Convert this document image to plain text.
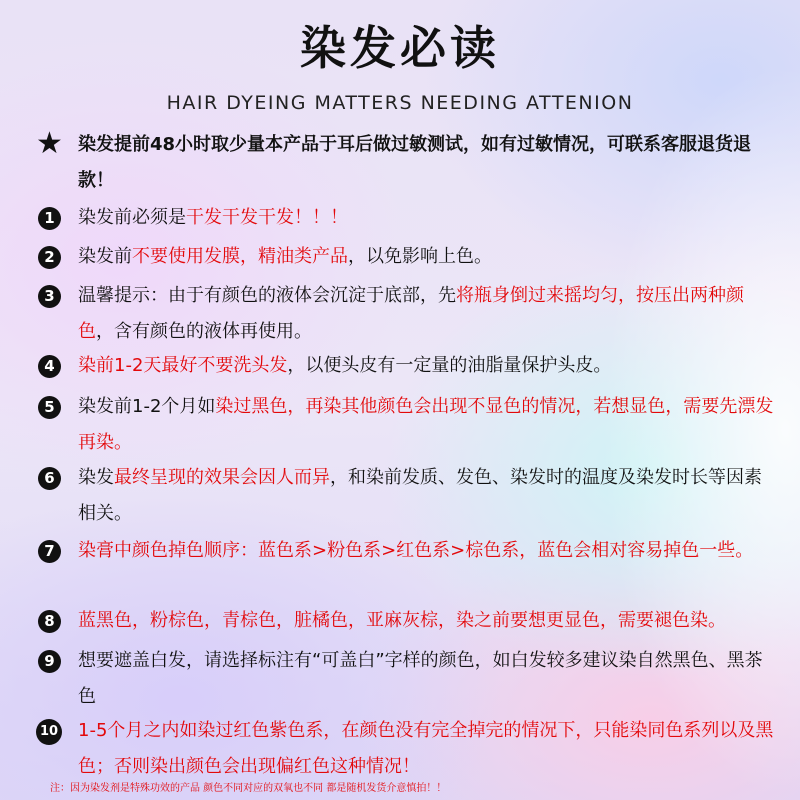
染发必读
HAIR DYEING MATTERS NEEDING ATTENION
★ 染发提前48小时取少量本产品于耳后做过敏测试，如有过敏情况，可联系客服退货退款！
1	染发前必须是干发干发干发！！！
2	染发前不要使用发膜，精油类产品，以免影响上色。
3	温馨提示：由于有颜色的液体会沉淀于底部，先将瓶身倒过来摇均匀，按压出两种颜色，含有颜色的液体再使用。
4	染前1-2天最好不要洗头发，以便头皮有一定量的油脂量保护头皮。
5	染发前1-2个月如染过黑色，再染其他颜色会出现不显色的情况，若想显色，需要先漂发再染。
6	染发最终呈现的效果会因人而异，和染前发质、发色、染发时的温度及染发时长等因素相关。
7	染膏中颜色掉色顺序：蓝色系>粉色系>红色系>棕色系，蓝色会相对容易掉色一些。
8	蓝黑色，粉棕色，青棕色，脏橘色，亚麻灰棕，染之前要想更显色，需要褪色染。
9	想要遮盖白发，请选择标注有“可盖白”字样的颜色，如白发较多建议染自然黑色、黑茶色
10 1-5个月之内如染过红色紫色系，在颜色没有完全掉完的情况下，只能染同色系列以及黑色；否则染出颜色会出现偏红色这种情况！
注：因为染发剂是特殊功效的产品 颜色不同对应的双氧也不同 都是随机发货介意慎拍！！
